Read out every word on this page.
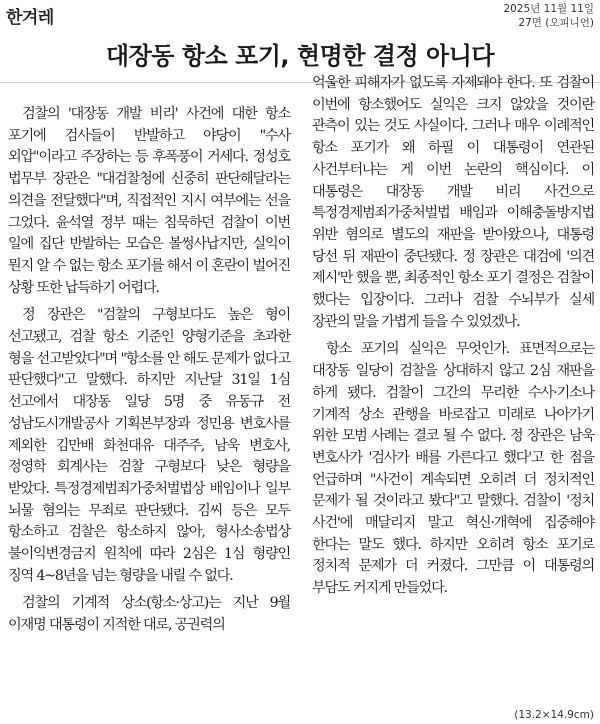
한겨레	2025년 11월 11일
27면 (오피니언)
대장동 항소 포기, 현명한 결정 아니다

검찰의 '대장동 개발 비리' 사건에 대한 항소 포기에 검사들이 반발하고 야당이 "수사 외압"이라고 주장하는 등 후폭풍이 거세다. 정성호 법무부 장관은 "대검찰청에 신중히 판단해달라는 의견을 전달했다"며, 직접적인 지시 여부에는 선을 그었다. 윤석열 정부 때는 침묵하던 검찰이 이번 일에 집단 반발하는 모습은 볼썽사납지만, 실익이 뭔지 알 수 없는 항소 포기를 해서 이 혼란이 벌어진 상황 또한 납득하기 어렵다.

정 장관은 "검찰의 구형보다도 높은 형이 선고됐고, 검찰 항소 기준인 양형기준을 초과한 형을 선고받았다"며 "항소를 안 해도 문제가 없다고 판단했다"고 말했다. 하지만 지난달 31일 1심 선고에서 대장동 일당 5명 중 유동규 전 성남도시개발공사 기획본부장과 정민용 변호사를 제외한 김만배 화천대유 대주주, 남욱 변호사, 정영학 회계사는 검찰 구형보다 낮은 형량을 받았다. 특정경제범죄가중처벌법상 배임이나 일부 뇌물 혐의는 무죄로 판단됐다. 김씨 등은 모두 항소하고 검찰은 항소하지 않아, 형사소송법상 불이익변경금지 원칙에 따라 2심은 1심 형량인 징역 4~8년을 넘는 형량을 내릴 수 없다.

검찰의 기계적 상소(항소·상고)는 지난 9월 이재명 대통령이 지적한 대로, 공권력의

억울한 피해자가 없도록 자제돼야 한다. 또 검찰이 이번에 항소했어도 실익은 크지 않았을 것이란 관측이 있는 것도 사실이다. 그러나 매우 이례적인 항소 포기가 왜 하필 이 대통령이 연관된 사건부터냐는 게 이번 논란의 핵심이다. 이 대통령은 대장동 개발 비리 사건으로 특정경제범죄가중처벌법 배임과 이해충돌방지법 위반 혐의로 별도의 재판을 받아왔으나, 대통령 당선 뒤 재판이 중단됐다. 정 장관은 대검에 '의견 제시'만 했을 뿐, 최종적인 항소 포기 결정은 검찰이 했다는 입장이다. 그러나 검찰 수뇌부가 실세 장관의 말을 가볍게 들을 수 있었겠나.

항소 포기의 실익은 무엇인가. 표면적으로는 대장동 일당이 검찰을 상대하지 않고 2심 재판을 하게 됐다. 검찰이 그간의 무리한 수사·기소나 기계적 상소 관행을 바로잡고 미래로 나아가기 위한 모범 사례는 결코 될 수 없다. 정 장관은 남욱 변호사가 '검사가 배를 가른다고 했다'고 한 점을 언급하며 "사건이 계속되면 오히려 더 정치적인 문제가 될 것이라고 봤다"고 말했다. 검찰이 '정치 사건'에 매달리지 말고 혁신·개혁에 집중해야 한다는 말도 했다. 하지만 오히려 항소 포기로 정치적 문제가 더 커졌다. 그만큼 이 대통령의 부담도 커지게 만들었다.

(13.2×14.9cm)
